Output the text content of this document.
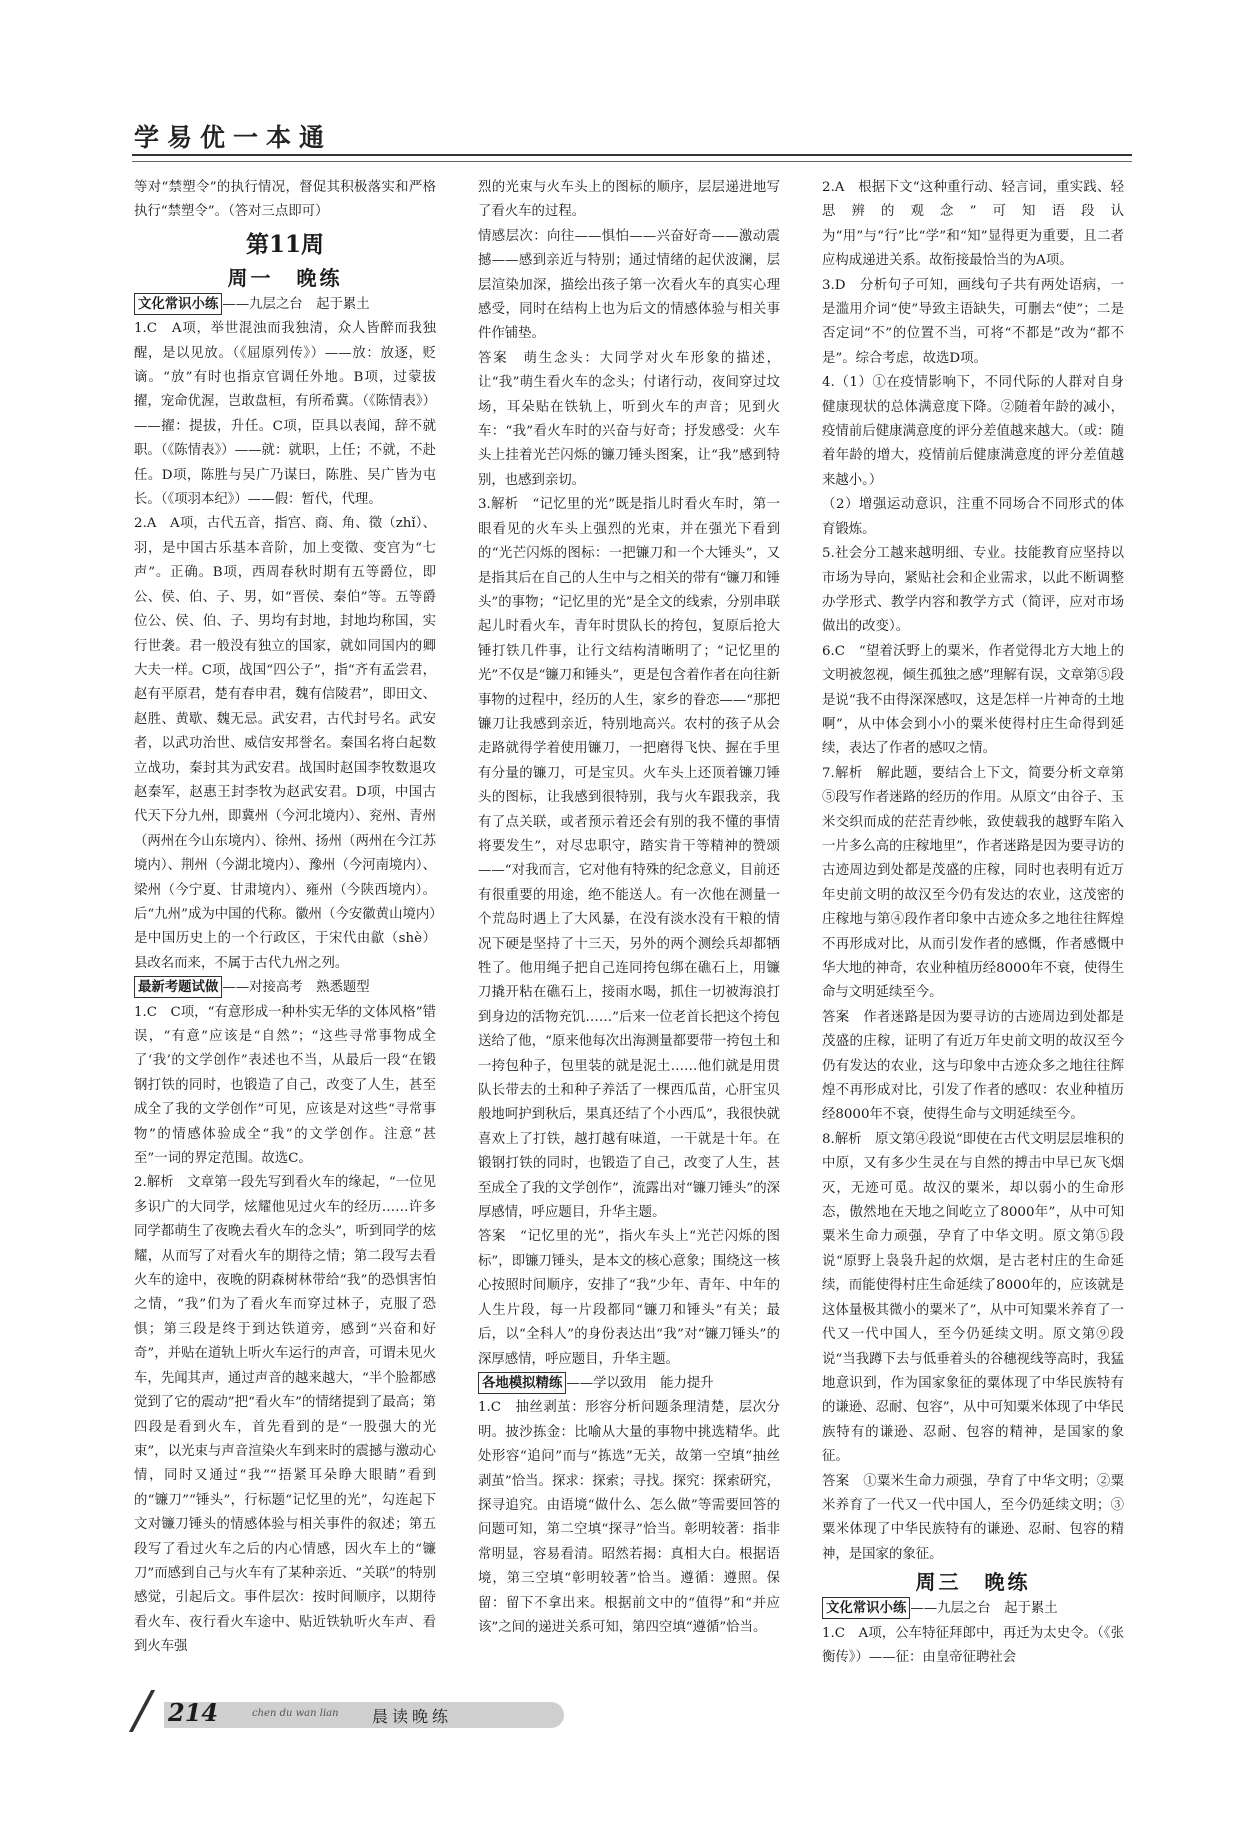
学易优一本通

等对“禁塑令”的执行情况，督促其积极落实和严格执行“禁塑令”。（答对三点即可）

第11周
周一　晚练

文化常识小练 ——九层之台　起于累土

1.C　A项，举世混浊而我独清，众人皆醉而我独醒，是以见放。（《屈原列传》）——放：放逐，贬谪。“放”有时也指京官调任外地。B项，过蒙拔擢，宠命优渥，岂敢盘桓，有所希冀。（《陈情表》）——擢：提拔，升任。C项，臣具以表闻，辞不就职。（《陈情表》）——就：就职，上任；不就，不赴任。D项，陈胜与吴广乃谋曰，陈胜、吴广皆为屯长。（《项羽本纪》）——假：暂代，代理。

2.A　A项，古代五音，指宫、商、角、徵（zhǐ）、羽，是中国古乐基本音阶，加上变徵、变宫为“七声”。正确。B项，西周春秋时期有五等爵位，即公、侯、伯、子、男，如“晋侯、秦伯”等。五等爵位公、侯、伯、子、男均有封地，封地均称国，实行世袭。君一般没有独立的国家，就如同国内的卿大夫一样。C项，战国“四公子”，指“齐有孟尝君，赵有平原君，楚有春申君，魏有信陵君”，即田文、赵胜、黄歇、魏无忌。武安君，古代封号名。武安者，以武功治世、威信安邦誉名。秦国名将白起数立战功，秦封其为武安君。战国时赵国李牧数退攻赵秦军，赵惠王封李牧为赵武安君。D项，中国古代天下分九州，即冀州（今河北境内）、兖州、青州（两州在今山东境内）、徐州、扬州（两州在今江苏境内）、荆州（今湖北境内）、豫州（今河南境内）、梁州（今宁夏、甘肃境内）、雍州（今陕西境内）。后“九州”成为中国的代称。徽州（今安徽黄山境内）是中国历史上的一个行政区，于宋代由歙（shè）县改名而来，不属于古代九州之列。

最新考题试做 ——对接高考　熟悉题型

1.C　C项，“有意形成一种朴实无华的文体风格”错误，“有意”应该是“自然”；“这些寻常事物成全了‘我’的文学创作”表述也不当，从最后一段“在锻钢打铁的同时，也锻造了自己，改变了人生，甚至成全了我的文学创作”可见，应该是对这些“寻常事物”的情感体验成全“我”的文学创作。注意“甚至”一词的界定范围。故选C。

2.解析　文章第一段先写到看火车的缘起，“一位见多识广的大同学，炫耀他见过火车的经历……许多同学都萌生了夜晚去看火车的念头”，听到同学的炫耀，从而写了对看火车的期待之情；第二段写去看火车的途中，夜晚的阴森树林带给“我”的恐惧害怕之情，“我”们为了看火车而穿过林子，克服了恐惧；第三段是终于到达铁道旁，感到“兴奋和好奇”，并贴在道轨上听火车运行的声音，可谓未见火车，先闻其声，通过声音的越来越大，“半个脸都感觉到了它的震动”把“看火车”的情绪提到了最高；第四段是看到火车，首先看到的是“一股强大的光束”，以光束与声音渲染火车到来时的震撼与激动心情，同时又通过“我”“捂紧耳朵睁大眼睛”看到的“镰刀”“锤头”，行标题“记忆里的光”，勾连起下文对镰刀锤头的情感体验与相关事件的叙述；第五段写了看过火车之后的内心情感，因火车上的“镰刀”而感到自己与火车有了某种亲近、“关联”的特别感觉，引起后文。事件层次：按时间顺序，以期待看火车、夜行看火车途中、贴近铁轨听火车声、看到火车强

烈的光束与火车头上的图标的顺序，层层递进地写了看火车的过程。

情感层次：向往——惧怕——兴奋好奇——激动震撼——感到亲近与特别；通过情绪的起伏波澜，层层渲染加深，描绘出孩子第一次看火车的真实心理感受，同时在结构上也为后文的情感体验与相关事件作铺垫。

答案　萌生念头：大同学对火车形象的描述，让“我”萌生看火车的念头；付诸行动，夜间穿过坟场，耳朵贴在铁轨上，听到火车的声音；见到火车：“我”看火车时的兴奋与好奇；抒发感受：火车头上挂着光芒闪烁的镰刀锤头图案，让“我”感到特别，也感到亲切。

3.解析　“记忆里的光”既是指儿时看火车时，第一眼看见的火车头上强烈的光束，并在强光下看到的“光芒闪烁的图标：一把镰刀和一个大锤头”，又是指其后在自己的人生中与之相关的带有“镰刀和锤头”的事物；“记忆里的光”是全文的线索，分别串联起儿时看火车，青年时贯队长的挎包，复原后抢大锤打铁几件事，让行文结构清晰明了；“记忆里的光”不仅是“镰刀和锤头”，更是包含着作者在向往新事物的过程中，经历的人生，家乡的眷恋——“那把镰刀让我感到亲近，特别地高兴。农村的孩子从会走路就得学着使用镰刀，一把磨得飞快、握在手里有分量的镰刀，可是宝贝。火车头上还顶着镰刀锤头的图标，让我感到很特别，我与火车跟我亲，我有了点关联，或者预示着还会有别的我不懂的事情将要发生”，对尽忠职守，踏实肯干等精神的赞颂——“对我而言，它对他有特殊的纪念意义，目前还有很重要的用途，绝不能送人。有一次他在测量一个荒岛时遇上了大风暴，在没有淡水没有干粮的情况下硬是坚持了十三天，另外的两个测绘兵却都牺牲了。他用绳子把自己连同挎包绑在礁石上，用镰刀撬开粘在礁石上，接雨水喝，抓住一切被海浪打到身边的活物充饥……”后来一位老首长把这个挎包送给了他，“原来他每次出海测量都要带一挎包土和一挎包种子，包里装的就是泥土……他们就是用贯队长带去的土和种子养活了一棵西瓜苗，心肝宝贝般地呵护到秋后，果真还结了个小西瓜”，我很快就喜欢上了打铁，越打越有味道，一干就是十年。在锻钢打铁的同时，也锻造了自己，改变了人生，甚至成全了我的文学创作”，流露出对“镰刀锤头”的深厚感情，呼应题目，升华主题。

答案　“记忆里的光”，指火车头上“光芒闪烁的图标”，即镰刀锤头，是本文的核心意象；围绕这一核心按照时间顺序，安排了“我”少年、青年、中年的人生片段，每一片段都同“镰刀和锤头”有关；最后，以“全科人”的身份表达出“我”对“镰刀锤头”的深厚感情，呼应题目，升华主题。

各地模拟精练 ——学以致用　能力提升

1.C　抽丝剥茧：形容分析问题条理清楚，层次分明。披沙拣金：比喻从大量的事物中挑选精华。此处形容“追问”而与“拣选”无关，故第一空填“抽丝剥茧”恰当。探求：探索；寻找。探究：探索研究，探寻追究。由语境“做什么、怎么做”等需要回答的问题可知，第二空填“探寻”恰当。彰明较著：指非常明显，容易看清。昭然若揭：真相大白。根据语境，第三空填“彰明较著”恰当。遵循：遵照。保留：留下不拿出来。根据前文中的“值得”和“并应该”之间的递进关系可知，第四空填“遵循”恰当。

2.A　根据下文“这种重行动、轻言词，重实践、轻思辨的观念”可知语段认为“用”与“行”比“学”和“知”显得更为重要，且二者应构成递进关系。故衔接最恰当的为A项。

3.D　分析句子可知，画线句子共有两处语病，一是滥用介词“使”导致主语缺失，可删去“使”；二是否定词“不”的位置不当，可将“不都是”改为“都不是”。综合考虑，故选D项。

4.（1）①在疫情影响下，不同代际的人群对自身健康现状的总体满意度下降。②随着年龄的减小，疫情前后健康满意度的评分差值越来越大。（或：随着年龄的增大，疫情前后健康满意度的评分差值越来越小。）

（2）增强运动意识，注重不同场合不同形式的体育锻炼。

5.社会分工越来越明细、专业。技能教育应坚持以市场为导向，紧贴社会和企业需求，以此不断调整办学形式、教学内容和教学方式（简评，应对市场做出的改变）。

6.C　“望着沃野上的粟米，作者觉得北方大地上的文明被忽视，倾生孤独之感”理解有误，文章第⑤段是说“我不由得深深感叹，这是怎样一片神奇的土地啊”，从中体会到小小的粟米使得村庄生命得到延续，表达了作者的感叹之情。

7.解析　解此题，要结合上下文，简要分析文章第⑤段写作者迷路的经历的作用。从原文“由谷子、玉米交织而成的茫茫青纱帐，致使载我的越野车陷入一片多么高的庄稼地里”，作者迷路是因为要寻访的古迹周边到处都是茂盛的庄稼，同时也表明有近万年史前文明的故汉至今仍有发达的农业，这茂密的庄稼地与第④段作者印象中古迹众多之地往往辉煌不再形成对比，从而引发作者的感慨，作者感慨中华大地的神奇，农业种植历经8000年不衰，使得生命与文明延续至今。

答案　作者迷路是因为要寻访的古迹周边到处都是茂盛的庄稼，证明了有近万年史前文明的故汉至今仍有发达的农业，这与印象中古迹众多之地往往辉煌不再形成对比，引发了作者的感叹：农业种植历经8000年不衰，使得生命与文明延续至今。

8.解析　原文第④段说“即使在古代文明层层堆积的中原，又有多少生灵在与自然的搏击中早已灰飞烟灭，无迹可觅。故汉的粟米，却以弱小的生命形态，傲然地在天地之间屹立了8000年”，从中可知粟米生命力顽强，孕育了中华文明。原文第⑤段说“原野上袅袅升起的炊烟，是古老村庄的生命延续，而能使得村庄生命延续了8000年的，应该就是这体量极其微小的粟米了”，从中可知粟米养育了一代又一代中国人，至今仍延续文明。原文第⑨段说“当我蹲下去与低垂着头的谷穗视线等高时，我猛地意识到，作为国家象征的粟体现了中华民族特有的谦逊、忍耐、包容”，从中可知粟米体现了中华民族特有的谦逊、忍耐、包容的精神，是国家的象征。

答案　①粟米生命力顽强，孕育了中华文明；②粟米养育了一代又一代中国人，至今仍延续文明；③粟米体现了中华民族特有的谦逊、忍耐、包容的精神，是国家的象征。

周三　晚练

文化常识小练 ——九层之台　起于累土

1.C　A项，公车特征拜郎中，再迁为太史令。（《张衡传》）——征：由皇帝征聘社会

214	chen du wan lian 晨读晚练
